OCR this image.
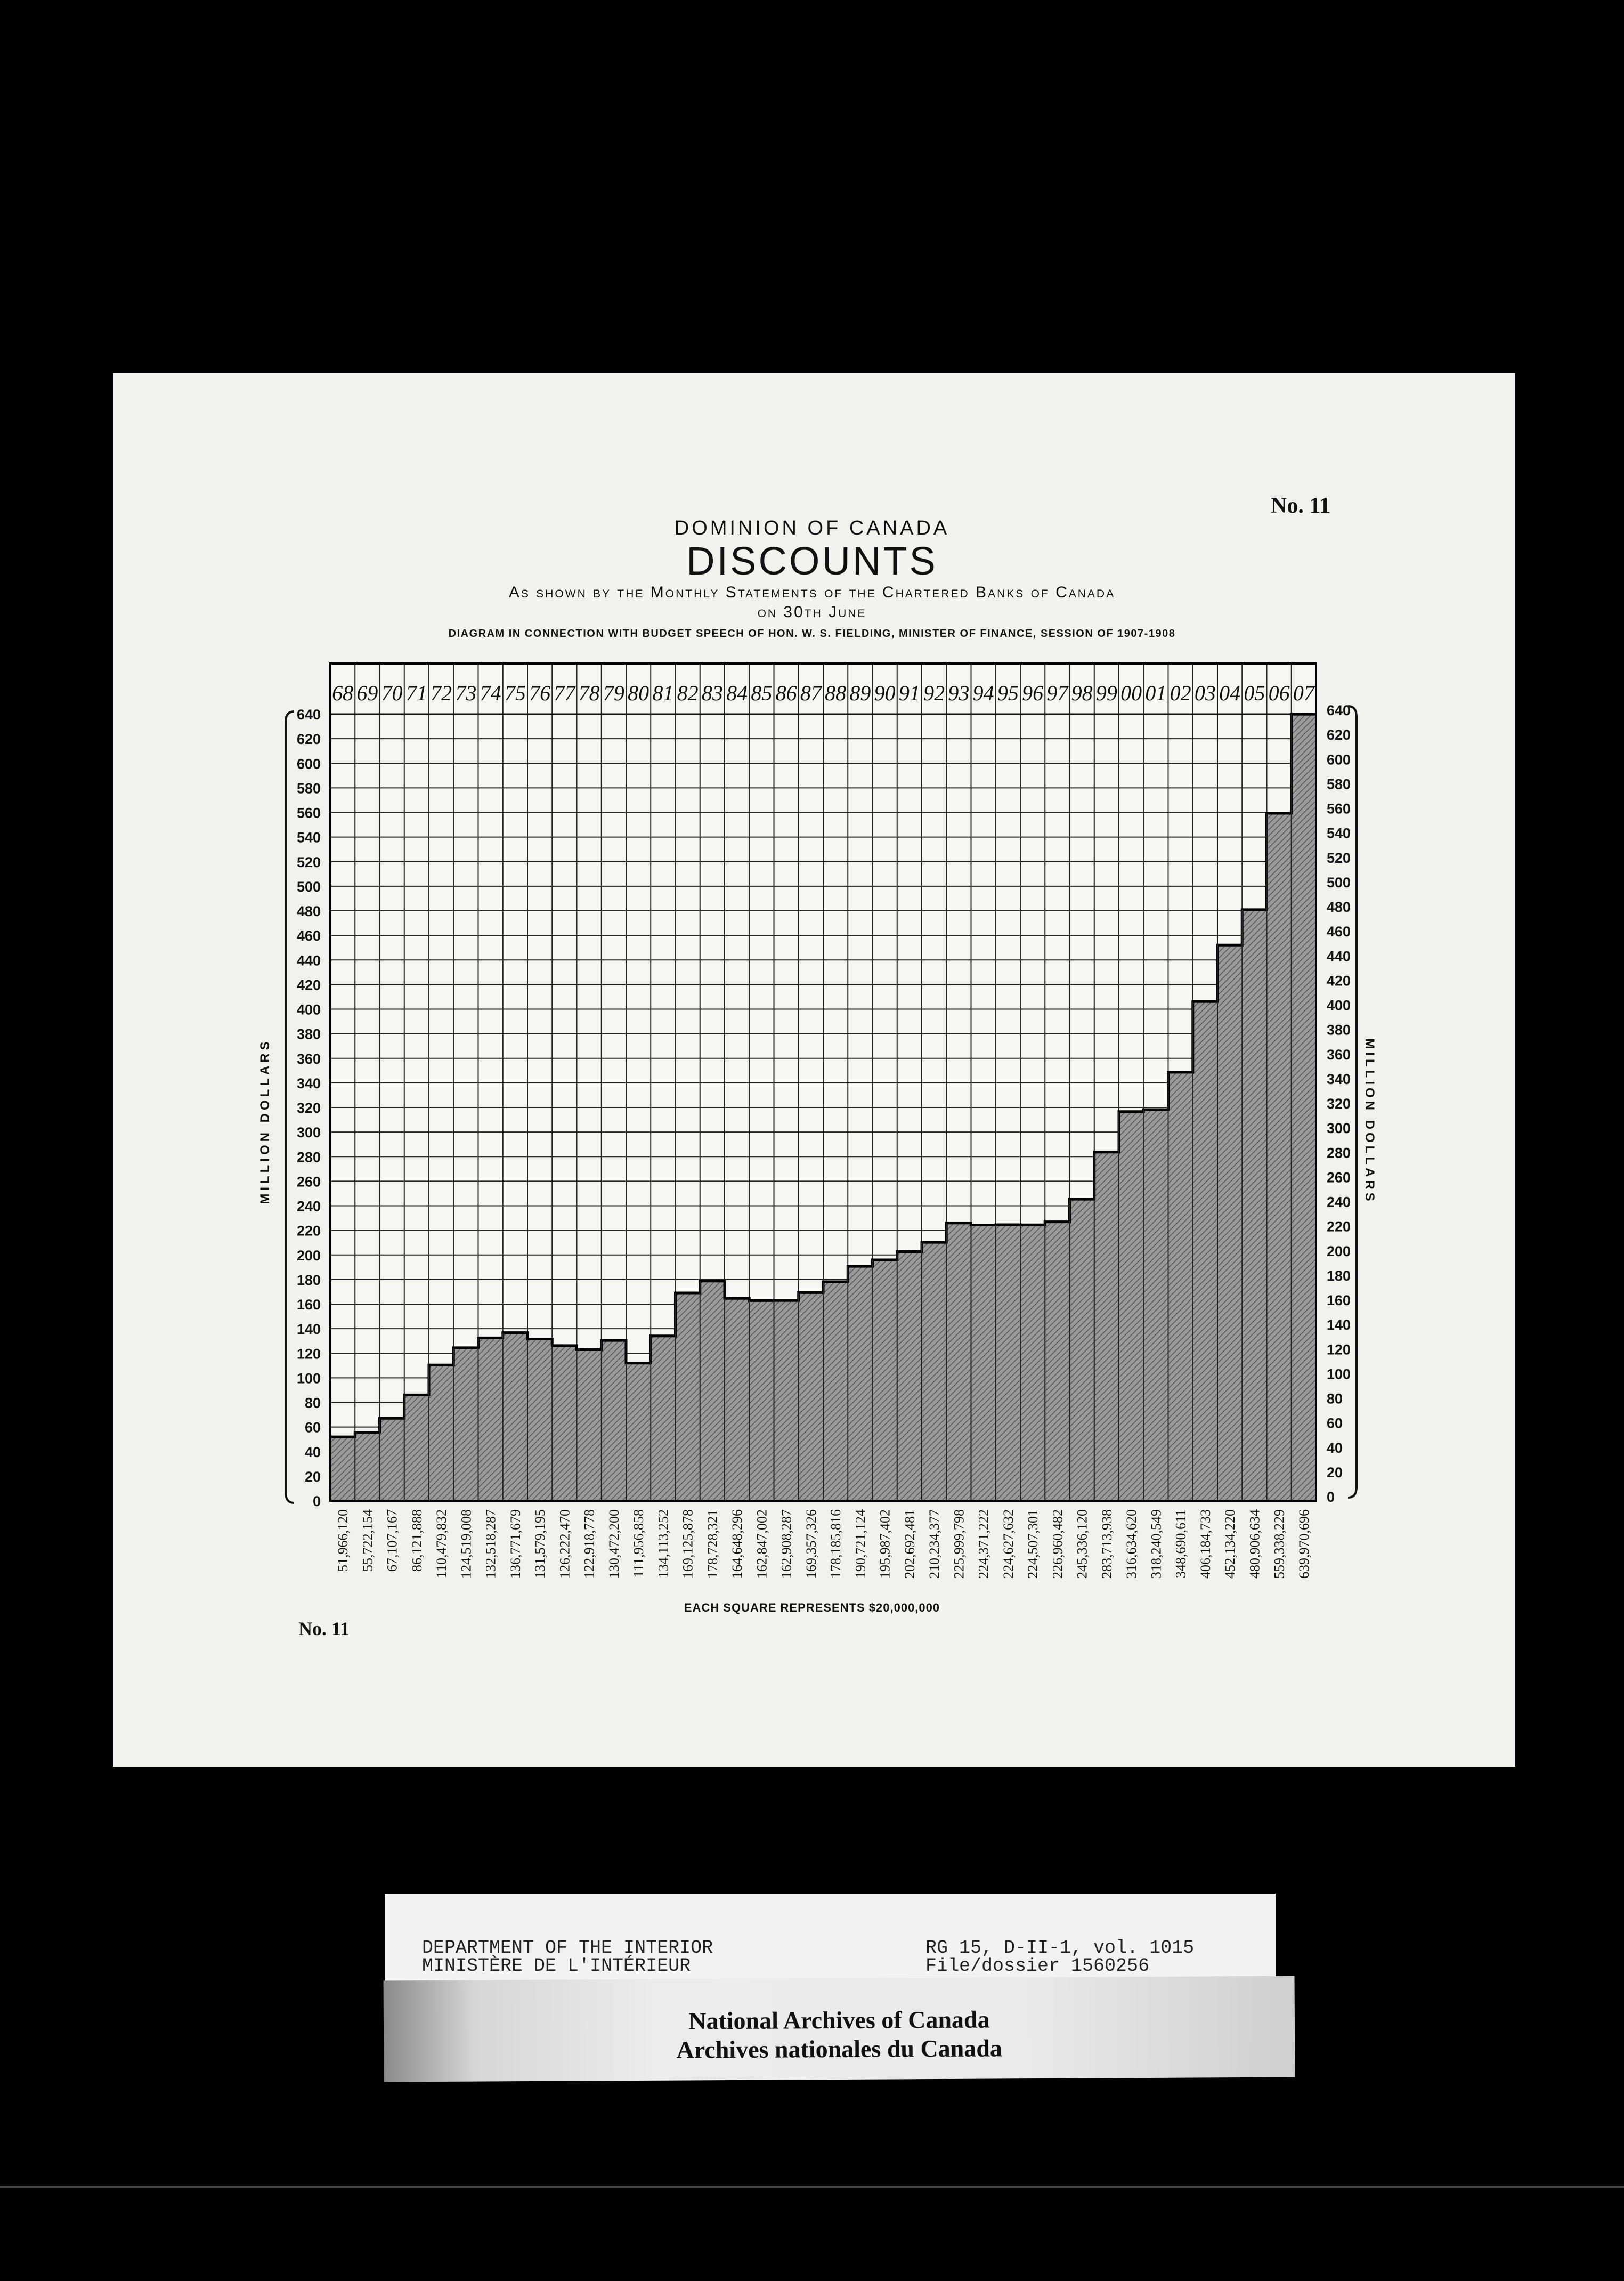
No. 11
DOMINION OF CANADA
DISCOUNTS
As shown by the Monthly Statements of the Chartered Banks of Canada
on 30th June
DIAGRAM IN CONNECTION WITH BUDGET SPEECH OF HON. W. S. FIELDING, MINISTER OF FINANCE, SESSION OF 1907-1908
0	0
20	20
40	40
60	60
80	80
100	100
120	120
140	140
160	160
180	180
200	200
220	220
240	240
260	260
280	280
300	300
320	320
340	340
360	360
380	380
400	400
420	420
440	440
460	460
480	480
500	500
520	520
540	540
560	560
580	580
600	600
620	620
640	640
68 69 70 71 72 73 74 75 76 77 78 79 80 81 82 83 84 85 86 87 88 89 90 91 92 93 94 95 96 97 98 99 00 01 02 03 04 05 06 07
51,966,120 55,722,154 67,107,167 86,121,888 110,479,832 124,519,008 132,518,287 136,771,679 131,579,195 126,222,470 122,918,778 130,472,200 111,956,858 134,113,252 169,125,878 178,728,321 164,648,296 162,847,002 162,908,287 169,357,326 178,185,816 190,721,124 195,987,402 202,692,481 210,234,377 225,999,798 224,371,222 224,627,632 224,507,301 226,960,482 245,336,120 283,713,938 316,634,620 318,240,549 348,690,611 406,184,733 452,134,220 480,906,634 559,338,229 639,970,696
MILLION DOLLARS	MILLION DOLLARS
EACH SQUARE REPRESENTS $20,000,000
No. 11
DEPARTMENT OF THE INTERIOR
MINISTÈRE DE L'INTÉRIEUR
RG 15, D-II-1, vol. 1015
File/dossier 1560256
National Archives of Canada
Archives nationales du Canada
